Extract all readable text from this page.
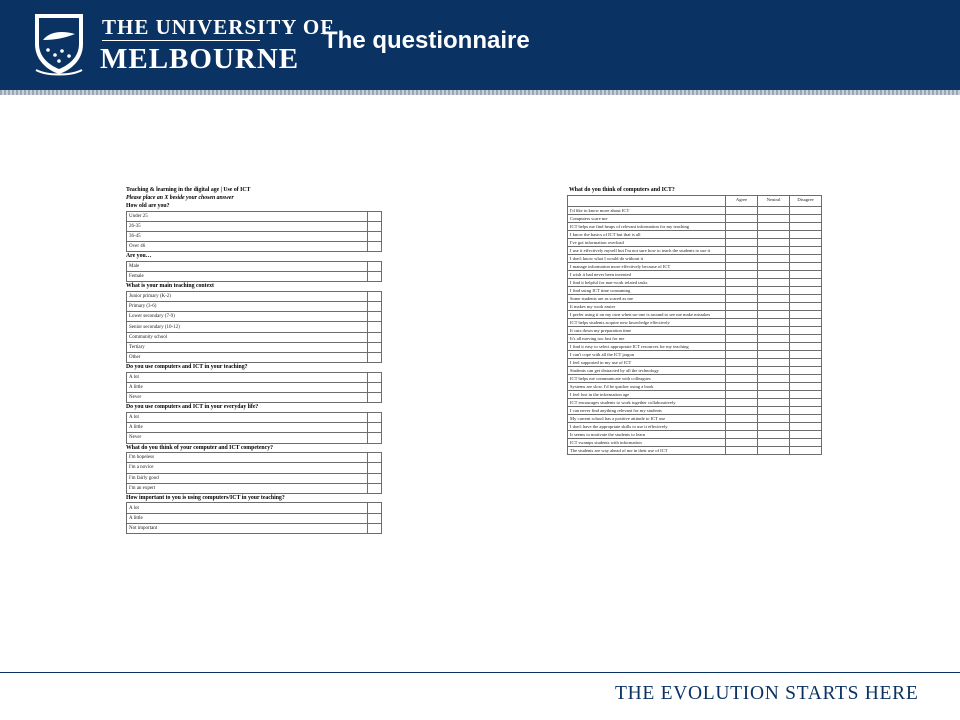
THE UNIVERSITY OF
MELBOURNE
The questionnaire
Teaching & learning in the digital age | Use of ICT
Please place an X beside your chosen answer
How old are you?
Under 25	
26-35	
36-45	
Over 46	
Are you…
Male	
Female	
What is your main teaching context
Junior primary (K-2)	
Primary (3-6)	
Lower secondary (7-9)	
Senior secondary (10-12)	
Community school	
Tertiary	
Other	
Do you use computers and ICT in your teaching?
A lot	
A little	
Never	
Do you use computers and ICT in your everyday life?
A lot	
A little	
Never	
What do you think of your computer and ICT competency?
I'm hopeless	
I'm a novice	
I'm fairly good	
I'm an expert	
How important to you is using computers/ICT in your teaching?
A lot	
A little	
Not important	
What do you think of computers and ICT?
	Agree	Neutral	Disagree
I'd like to know more about ICT			
Computers scare me			
ICT helps me find heaps of relevant information for my teaching			
I know the basics of ICT but that is all			
I've got information overload			
I use it effectively myself but I'm not sure how to teach the students to use it			
I don't know what I would do without it			
I manage information more effectively because of ICT			
I wish it had never been invented			
I find it helpful for non-work related tasks			
I find using ICT time consuming			
Some students are as scared as me			
It makes my work easier			
I prefer using it on my own when no-one is around to see me make mistakes			
ICT helps students acquire new knowledge effectively			
It cuts down my preparation time			
It's all moving too fast for me			
I find it easy to select appropriate ICT resources for my teaching			
I can't cope with all the ICT jargon			
I feel supported in my use of ICT			
Students can get distracted by all the technology			
ICT helps me communicate with colleagues			
Systems are slow. I'd be quicker using a book			
I feel lost in the information age			
ICT encourages students to work together collaboratively			
I can never find anything relevant for my students			
My current school has a positive attitude to ICT use			
I don't have the appropriate skills to use it effectively			
It seems to motivate the students to learn			
ICT swamps students with information			
The students are way ahead of me in their use of ICT			
THE EVOLUTION STARTS HERE
